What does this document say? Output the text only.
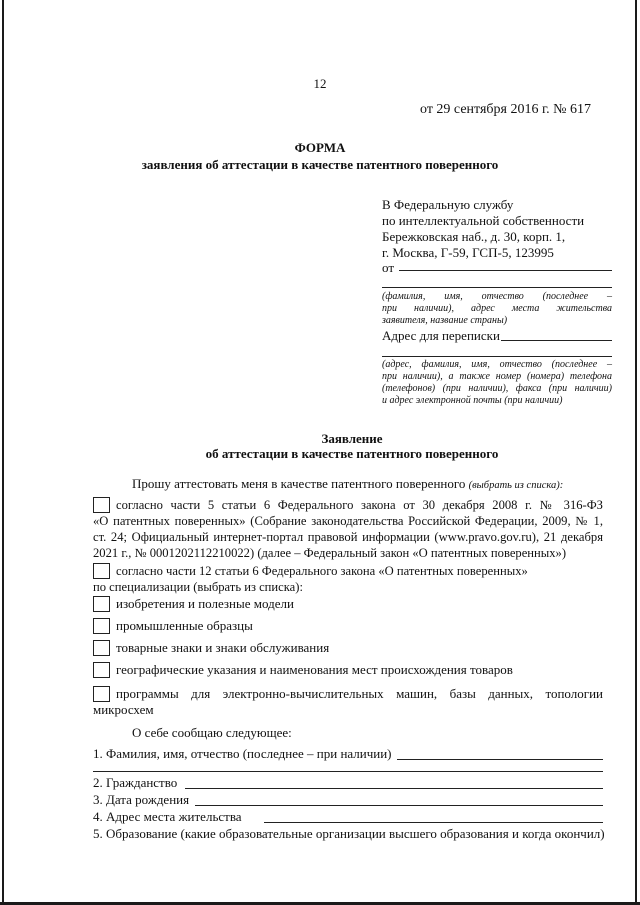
12
от 29 сентября 2016 г. № 617
ФОРМА
заявления об аттестации в качестве патентного поверенного
В Федеральную службу
по интеллектуальной собственности
Бережковская наб., д. 30, корп. 1,
г. Москва, Г-59, ГСП-5, 123995
от
(фамилия, имя, отчество (последнее –
при наличии), адрес места жительства
заявителя, название страны)
Адрес для переписки
(адрес, фамилия, имя, отчество (последнее –
при наличии), а также номер (номера) телефона
(телефонов) (при наличии), факса (при наличии)
и адрес электронной почты (при наличии)
Заявление
об аттестации в качестве патентного поверенного
Прошу аттестовать меня в качестве патентного поверенного (выбрать из списка):
согласно части 5 статьи 6 Федерального закона от 30 декабря 2008 г. № 316-ФЗ
«О патентных поверенных» (Собрание законодательства Российской Федерации, 2009, № 1,
ст. 24; Официальный интернет-портал правовой информации (www.pravo.gov.ru), 21 декабря
2021 г., № 0001202112210022) (далее – Федеральный закон «О патентных поверенных»)
согласно части 12 статьи 6 Федерального закона «О патентных поверенных»
по специализации (выбрать из списка):
изобретения и полезные модели
промышленные образцы
товарные знаки и знаки обслуживания
географические указания и наименования мест происхождения товаров
программы для электронно-вычислительных машин, базы данных, топологии
микросхем
О себе сообщаю следующее:
1. Фамилия, имя, отчество (последнее – при наличии)
2. Гражданство
3. Дата рождения
4. Адрес места жительства
5. Образование (какие образовательные организации высшего образования и когда окончил)
